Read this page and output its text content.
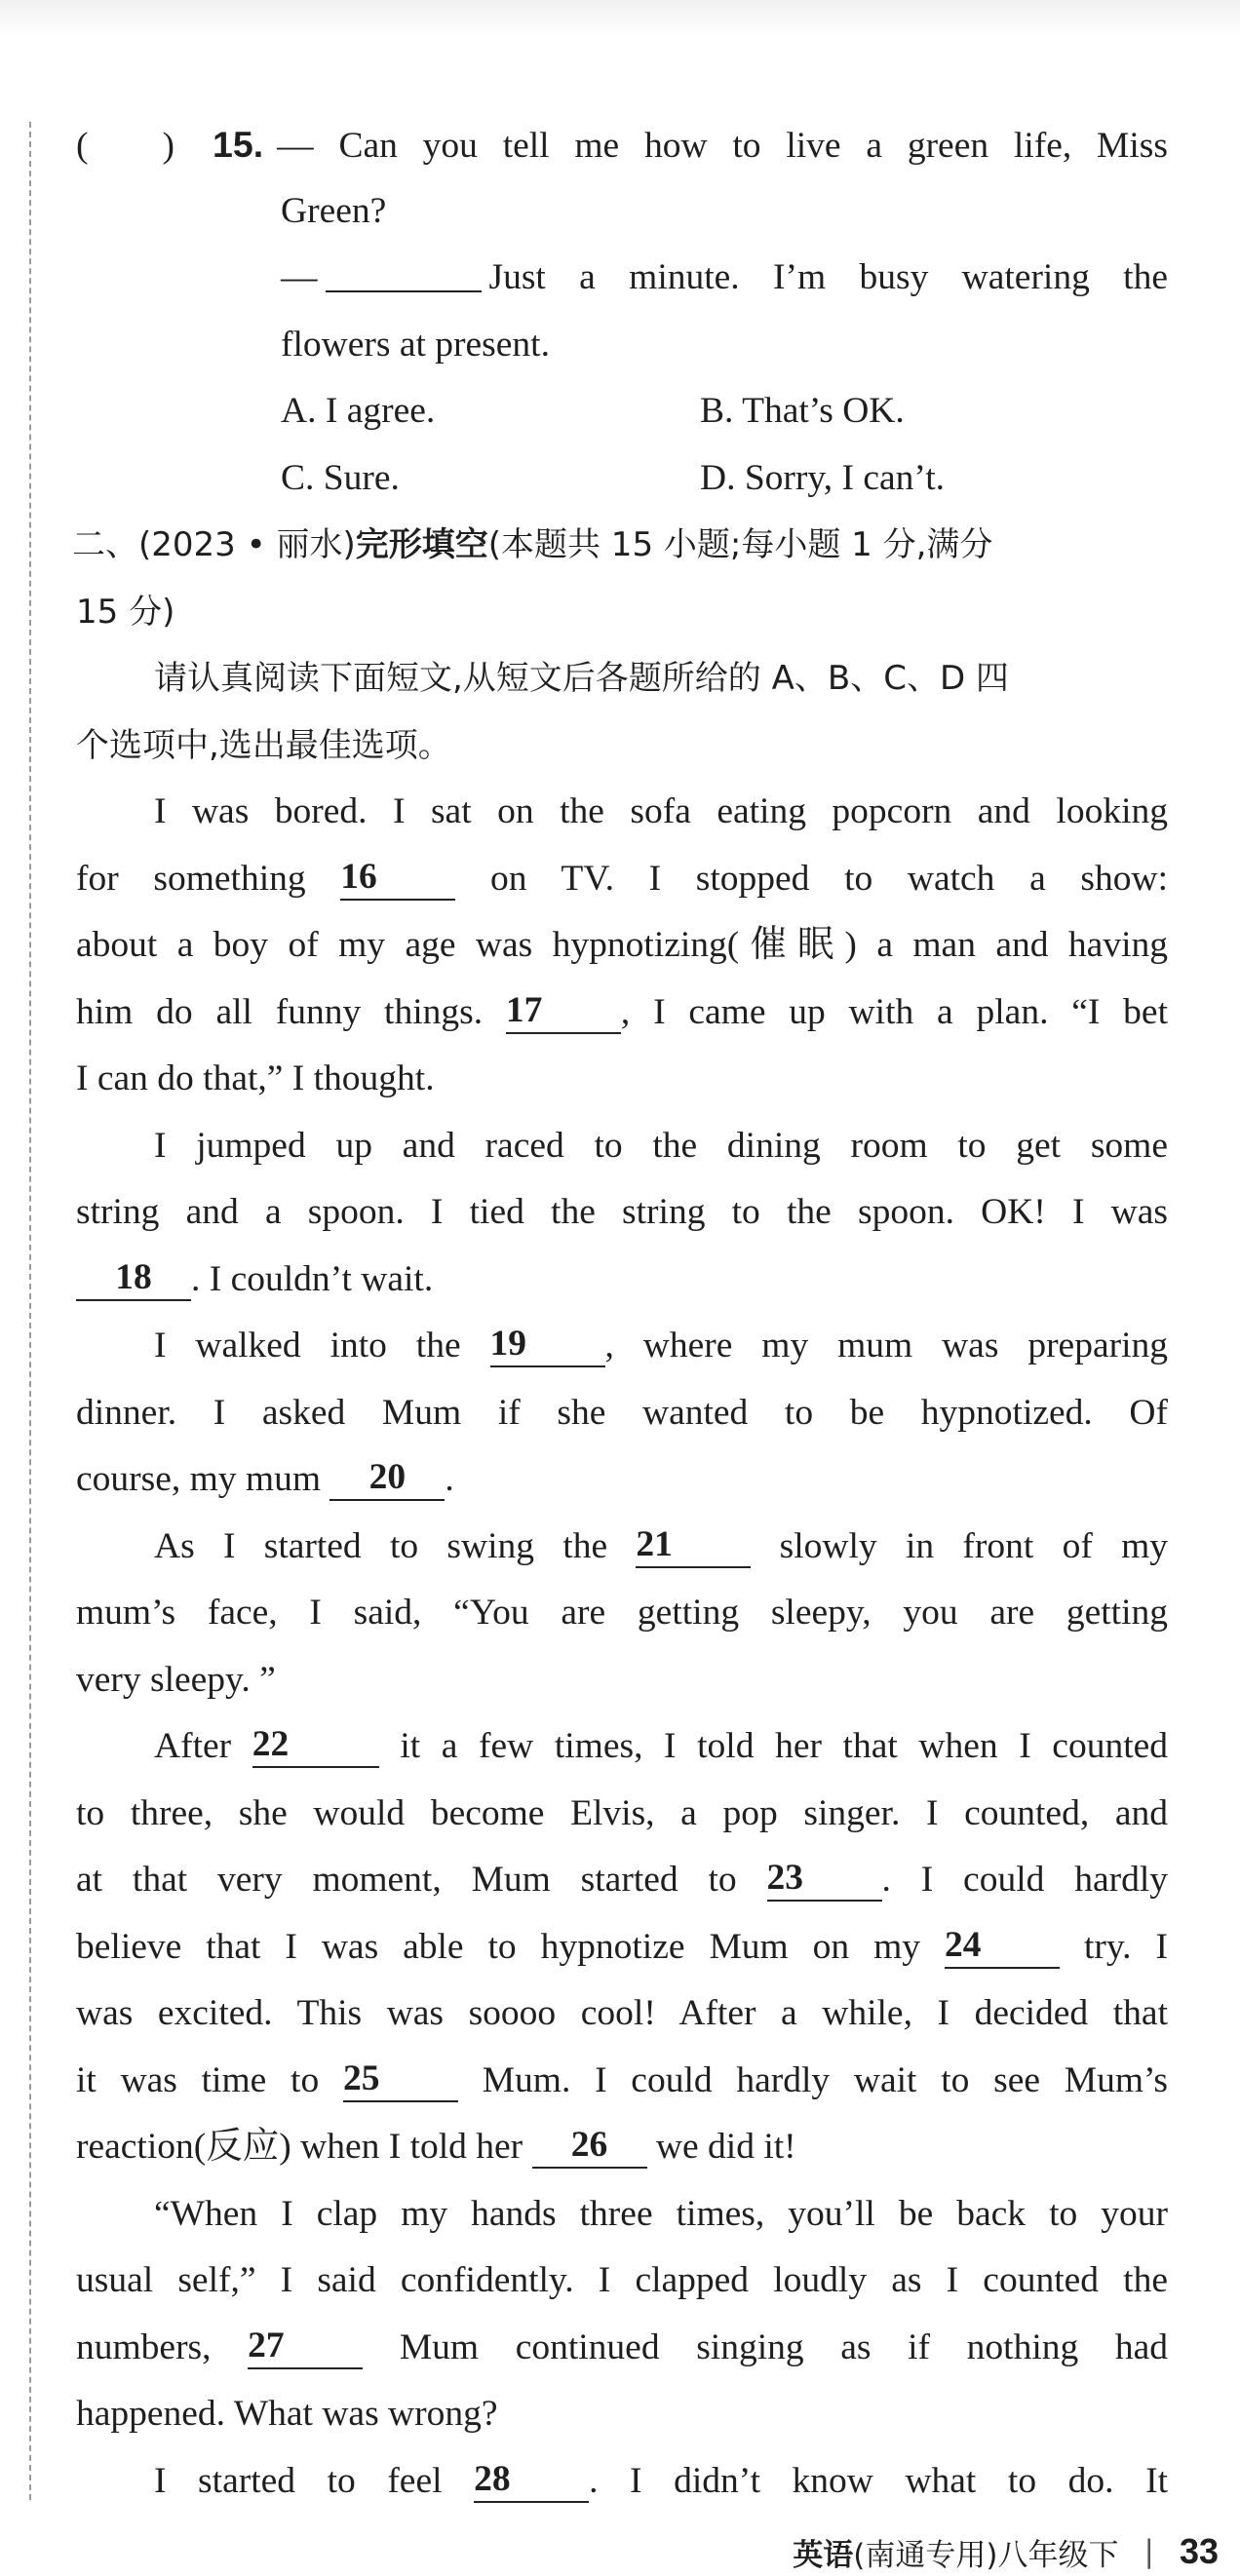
( )	15. — Can you tell me how to live a green life, Miss
Green?
—	Just a minute. I’m busy watering the
flowers at present.
A. I agree.	B. That’s OK.
C. Sure.	D. Sorry, I can’t.
二、(2023 • 丽水)完形填空(本题共 15 小题;每小题 1 分,满分
15 分)
请认真阅读下面短文,从短文后各题所给的 A、B、C、D 四
个选项中,选出最佳选项。
I was bored. I sat on the sofa eating popcorn and looking
for something 16	on TV. I stopped to watch a show:
about a boy of my age was hypnotizing(催眠) a man and having
him do all funny things. 17 , I came up with a plan. “I bet
I can do that,” I thought.
I jumped up and raced to the dining room to get some
string and a spoon. I tied the string to the spoon. OK! I was
18 . I couldn’t wait.
I walked into the 19 , where my mum was preparing
dinner. I asked Mum if she wanted to be hypnotized. Of
course, my mum 20 .
As I started to swing the 21	slowly in front of my
mum’s face, I said, “You are getting sleepy, you are getting
very sleepy. ”
After 22	it a few times, I told her that when I counted
to three, she would become Elvis, a pop singer. I counted, and
at that very moment, Mum started to 23 . I could hardly
believe that I was able to hypnotize Mum on my 24	try. I
was excited. This was soooo cool! After a while, I decided that
it was time to 25	Mum. I could hardly wait to see Mum’s
reaction(反应) when I told her 26 we did it!
“When I clap my hands three times, you’ll be back to your
usual self,” I said confidently. I clapped loudly as I counted the
numbers, 27	Mum continued singing as if nothing had
happened. What was wrong?
I started to feel 28 . I didn’t know what to do. It
英语 (南通专用) 八年级下 | 33
